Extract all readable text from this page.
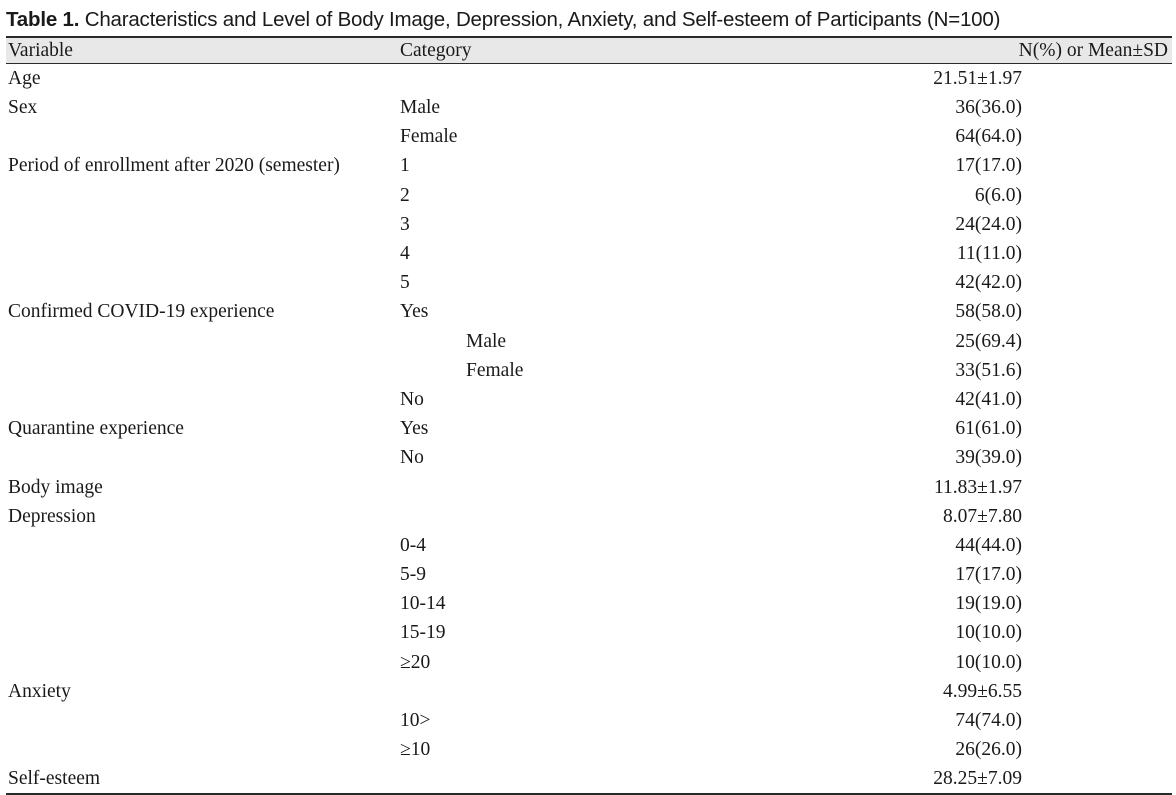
Table 1. Characteristics and Level of Body Image, Depression, Anxiety, and Self-esteem of Participants (N=100)
Variable	Category	N(%) or Mean±SD	
Age		21.51±1.97	
Sex	Male	36(36.0)	
	Female	64(64.0)	
Period of enrollment after 2020 (semester)	1	17(17.0)	
	2	6(6.0)	
	3	24(24.0)	
	4	11(11.0)	
	5	42(42.0)	
Confirmed COVID-19 experience	Yes	58(58.0)	
	Male	25(69.4)	
	Female	33(51.6)	
	No	42(41.0)	
Quarantine experience	Yes	61(61.0)	
	No	39(39.0)	
Body image		11.83±1.97	
Depression		8.07±7.80	
	0-4	44(44.0)	
	5-9	17(17.0)	
	10-14	19(19.0)	
	15-19	10(10.0)	
	≥20	10(10.0)	
Anxiety		4.99±6.55	
	10>	74(74.0)	
	≥10	26(26.0)	
Self-esteem		28.25±7.09	
